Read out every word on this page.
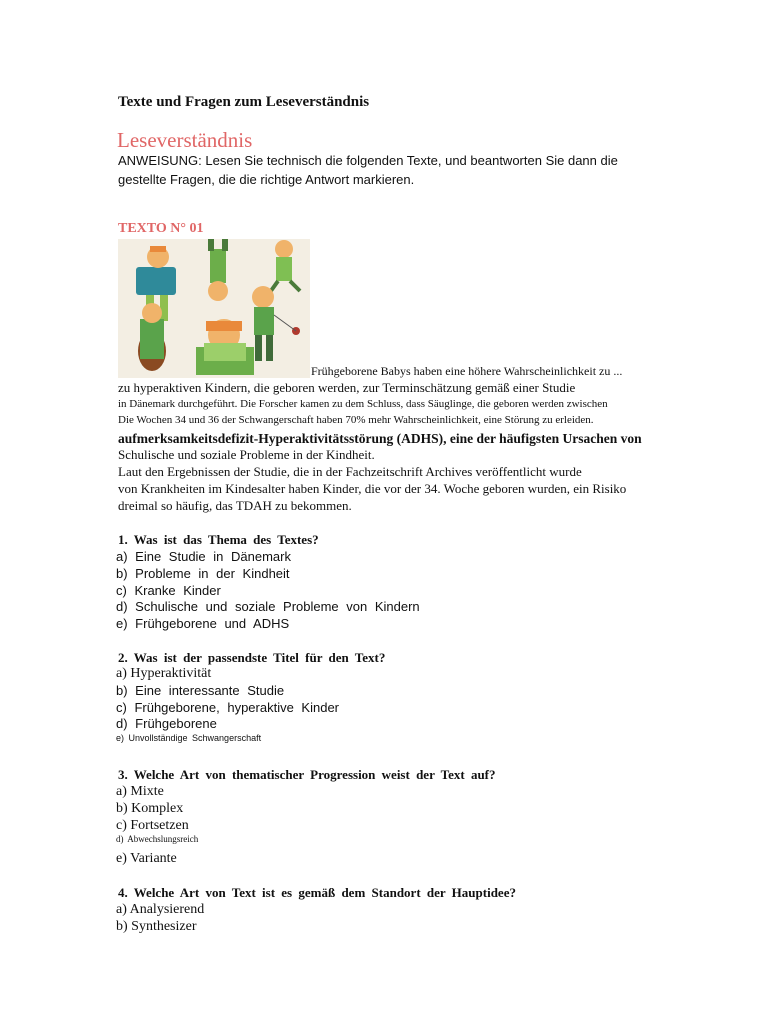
Texte und Fragen zum Leseverständnis
Leseverständnis
ANWEISUNG: Lesen Sie technisch die folgenden Texte, und beantworten Sie dann die
gestellte Fragen, die die richtige Antwort markieren.
TEXTO N° 01
Frühgeborene Babys haben eine höhere Wahrscheinlichkeit zu ...
zu hyperaktiven Kindern, die geboren werden, zur Terminschätzung gemäß einer Studie
in Dänemark durchgeführt. Die Forscher kamen zu dem Schluss, dass Säuglinge, die geboren werden zwischen
Die Wochen 34 und 36 der Schwangerschaft haben 70% mehr Wahrscheinlichkeit, eine Störung zu erleiden.
aufmerksamkeitsdefizit-Hyperaktivitätsstörung (ADHS), eine der häufigsten Ursachen von
Schulische und soziale Probleme in der Kindheit.
Laut den Ergebnissen der Studie, die in der Fachzeitschrift Archives veröffentlicht wurde
von Krankheiten im Kindesalter haben Kinder, die vor der 34. Woche geboren wurden, ein Risiko
dreimal so häufig, das TDAH zu bekommen.
1. Was ist das Thema des Textes?
a) Eine Studie in Dänemark
b) Probleme in der Kindheit
c) Kranke Kinder
d) Schulische und soziale Probleme von Kindern
e) Frühgeborene und ADHS
2. Was ist der passendste Titel für den Text?
a) Hyperaktivität
b) Eine interessante Studie
c) Frühgeborene, hyperaktive Kinder
d) Frühgeborene
e) Unvollständige Schwangerschaft
3. Welche Art von thematischer Progression weist der Text auf?
a) Mixte
b) Komplex
c) Fortsetzen
d) Abwechslungsreich
e) Variante
4. Welche Art von Text ist es gemäß dem Standort der Hauptidee?
a) Analysierend
b) Synthesizer
